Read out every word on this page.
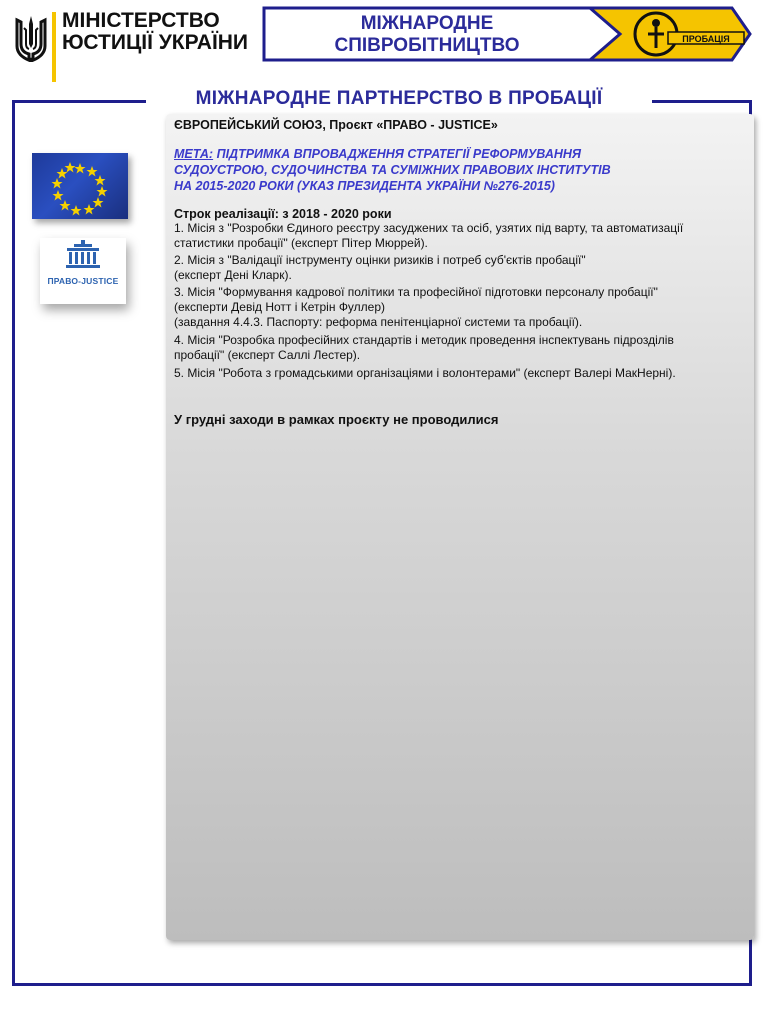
МІНІСТЕРСТВО
ЮСТИЦІЇ УКРАЇНИ
МІЖНАРОДНЕ
СПІВРОБІТНИЦТВО	ПРОБАЦІЯ
МІЖНАРОДНЕ ПАРТНЕРСТВО В ПРОБАЦІЇ
ПРАВО-JUSTICE
ЄВРОПЕЙСЬКИЙ СОЮЗ, Проєкт «ПРАВО - JUSTICE»
МЕТА: ПІДТРИМКА ВПРОВАДЖЕННЯ СТРАТЕГІЇ РЕФОРМУВАННЯ
СУДОУСТРОЮ, СУДОЧИНСТВА ТА СУМІЖНИХ ПРАВОВИХ ІНСТИТУТІВ
НА 2015-2020 РОКИ (УКАЗ ПРЕЗИДЕНТА УКРАЇНИ №276-2015)
Строк реалізації: з 2018 - 2020 роки
1. Місія з "Розробки Єдиного реєстру засуджених та осіб, узятих під варту, та автоматизації
статистики пробації" (експерт Пітер Мюррей).
2. Місія з "Валідації інструменту оцінки ризиків і потреб суб'єктів пробації"
(експерт Дені Кларк).
3. Місія "Формування кадрової політики та професійної підготовки персоналу пробації"
(експерти Девід Нотт і Кетрін Фуллер)
(завдання 4.4.3. Паспорту: реформа пенітенціарної системи та пробації).
4. Місія "Розробка професійних стандартів і методик проведення інспектувань підрозділів
пробації" (експерт Саллі Лестер).
5. Місія "Робота з громадськими організаціями і волонтерами" (експерт Валері МакНерні).
У грудні заходи в рамках проєкту не проводилися
